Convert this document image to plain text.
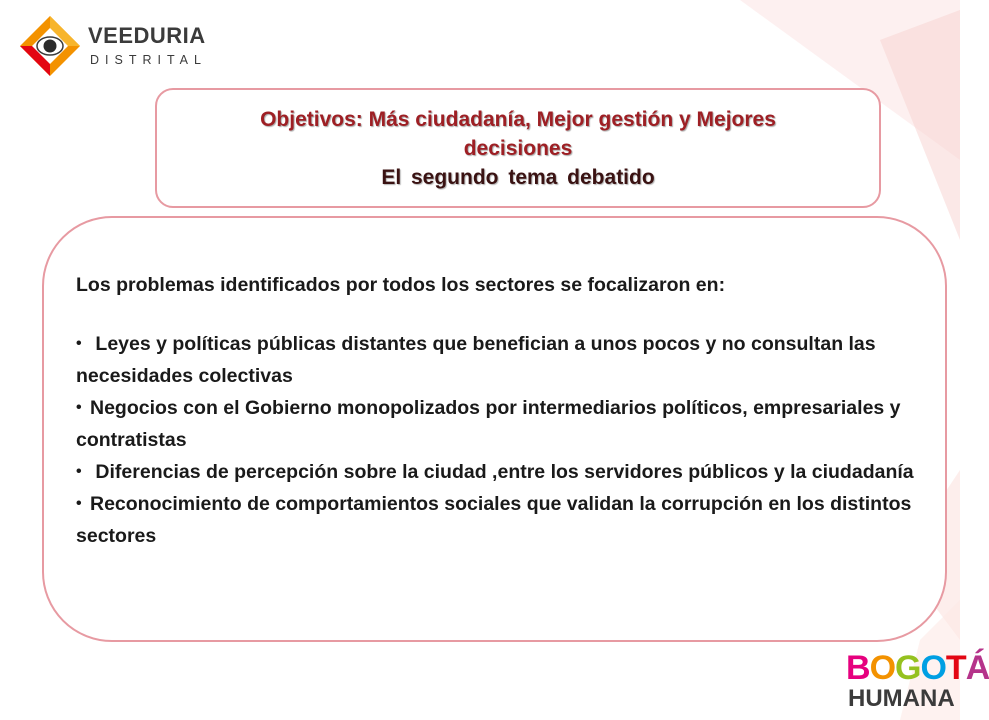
VEEDURIA

DISTRITAL

Objetivos: Más ciudadanía, Mejor gestión y Mejores

decisiones

El segundo tema debatido

Los problemas identificados por todos los sectores se focalizaron en:

• Leyes y políticas públicas distantes que benefician a unos pocos y no consultan las necesidades colectivas
• Negocios con el Gobierno monopolizados por intermediarios políticos, empresariales y contratistas
• Diferencias de percepción sobre la ciudad ,entre los servidores públicos y la ciudadanía
• Reconocimiento de comportamientos sociales que validan la corrupción en los distintos sectores

BOGOTÁ

HUMANA
